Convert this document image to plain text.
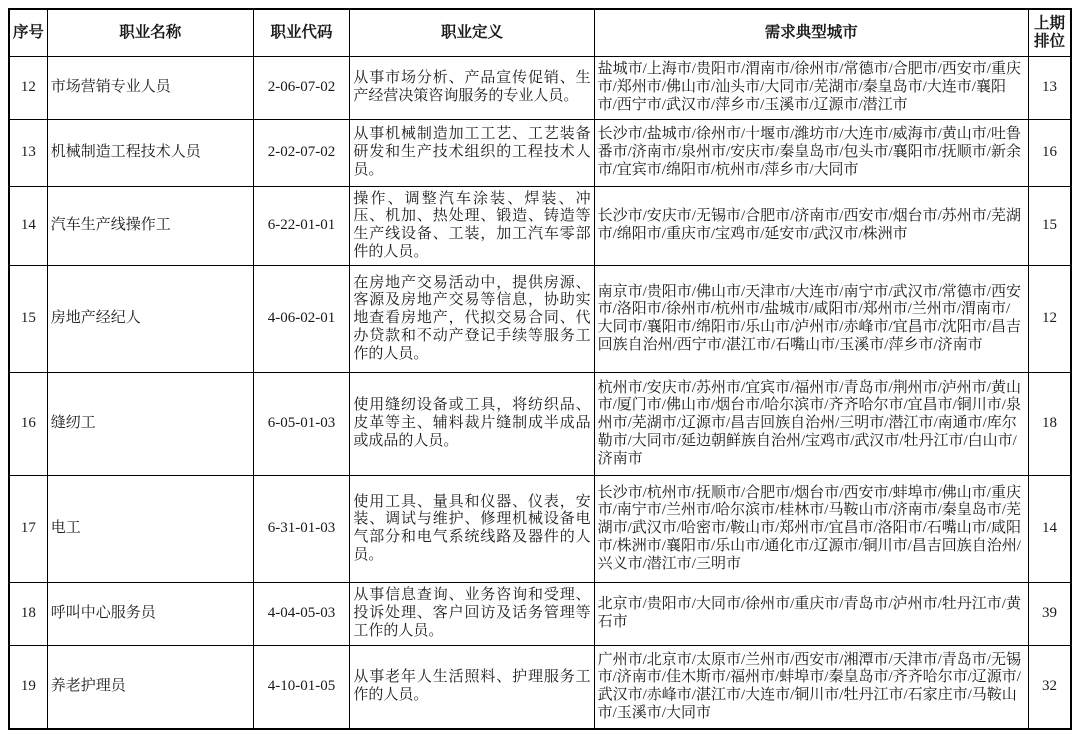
序号	职业名称	职业代码	职业定义	需求典型城市	上期排位
12	市场营销专业人员	2-06-07-02	从事市场分析、产品宣传促销、生产经营决策咨询服务的专业人员。	盐城市/上海市/贵阳市/渭南市/徐州市/常德市/合肥市/西安市/重庆市/郑州市/佛山市/汕头市/大同市/芜湖市/秦皇岛市/大连市/襄阳市/西宁市/武汉市/萍乡市/玉溪市/辽源市/潜江市	13
13	机械制造工程技术人员	2-02-07-02	从事机械制造加工工艺、工艺装备研发和生产技术组织的工程技术人员。	长沙市/盐城市/徐州市/十堰市/潍坊市/大连市/威海市/黄山市/吐鲁番市/济南市/泉州市/安庆市/秦皇岛市/包头市/襄阳市/抚顺市/新余市/宜宾市/绵阳市/杭州市/萍乡市/大同市	16
14	汽车生产线操作工	6-22-01-01	操作、调整汽车涂装、焊装、冲压、机加、热处理、锻造、铸造等生产线设备、工装，加工汽车零部件的人员。	长沙市/安庆市/无锡市/合肥市/济南市/西安市/烟台市/苏州市/芜湖市/绵阳市/重庆市/宝鸡市/延安市/武汉市/株洲市	15
15	房地产经纪人	4-06-02-01	在房地产交易活动中，提供房源、客源及房地产交易等信息，协助实地查看房地产，代拟交易合同、代办贷款和不动产登记手续等服务工作的人员。	南京市/贵阳市/佛山市/天津市/大连市/南宁市/武汉市/常德市/西安市/洛阳市/徐州市/杭州市/盐城市/咸阳市/郑州市/兰州市/渭南市/大同市/襄阳市/绵阳市/乐山市/泸州市/赤峰市/宜昌市/沈阳市/昌吉回族自治州/西宁市/湛江市/石嘴山市/玉溪市/萍乡市/济南市	12
16	缝纫工	6-05-01-03	使用缝纫设备或工具，将纺织品、皮革等主、辅料裁片缝制成半成品或成品的人员。	杭州市/安庆市/苏州市/宜宾市/福州市/青岛市/荆州市/泸州市/黄山市/厦门市/佛山市/烟台市/哈尔滨市/齐齐哈尔市/宜昌市/铜川市/泉州市/芜湖市/辽源市/昌吉回族自治州/三明市/潜江市/南通市/库尔勒市/大同市/延边朝鲜族自治州/宝鸡市/武汉市/牡丹江市/白山市/济南市	18
17	电工	6-31-01-03	使用工具、量具和仪器、仪表，安装、调试与维护、修理机械设备电气部分和电气系统线路及器件的人员。	长沙市/杭州市/抚顺市/合肥市/烟台市/西安市/蚌埠市/佛山市/重庆市/南宁市/兰州市/哈尔滨市/桂林市/马鞍山市/济南市/秦皇岛市/芜湖市/武汉市/哈密市/鞍山市/郑州市/宜昌市/洛阳市/石嘴山市/咸阳市/株洲市/襄阳市/乐山市/通化市/辽源市/铜川市/昌吉回族自治州/兴义市/潜江市/三明市	14
18	呼叫中心服务员	4-04-05-03	从事信息查询、业务咨询和受理、投诉处理、客户回访及话务管理等工作的人员。	北京市/贵阳市/大同市/徐州市/重庆市/青岛市/泸州市/牡丹江市/黄石市	39
19	养老护理员	4-10-01-05	从事老年人生活照料、护理服务工作的人员。	广州市/北京市/太原市/兰州市/西安市/湘潭市/天津市/青岛市/无锡市/济南市/佳木斯市/福州市/蚌埠市/秦皇岛市/齐齐哈尔市/辽源市/武汉市/赤峰市/湛江市/大连市/铜川市/牡丹江市/石家庄市/马鞍山市/玉溪市/大同市	32
